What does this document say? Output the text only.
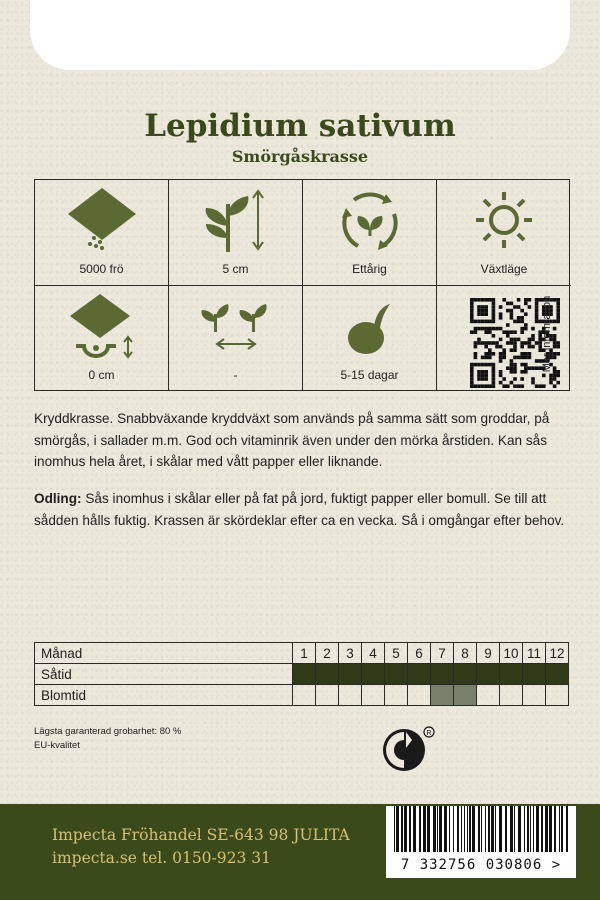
Lepidium sativum
Smörgåskrasse
5000 frö	5 cm	Ettårig	Växtläge
0 cm	-	5-15 dagar
Mer information
Kryddkrasse. Snabbväxande kryddväxt som används på samma sätt som groddar, på smörgås, i sallader m.m. God och vitaminrik även under den mörka årstiden. Kan sås inomhus hela året, i skålar med vått papper eller liknande.
Odling: Sås inomhus i skålar eller på fat på jord, fuktigt papper eller bomull. Se till att sådden hålls fuktig. Krassen är skördeklar efter ca en vecka. Så i omgångar efter behov.
Månad	1	2	3	4	5	6	7	8	9	10	11	12
Såtid												
Blomtid												
Lägsta garanterad grobarhet: 80 %
EU-kvalitet
R
Impecta Fröhandel SE-643 98 JULITA
impecta.se tel. 0150-923 31	7 332756 030806 >
